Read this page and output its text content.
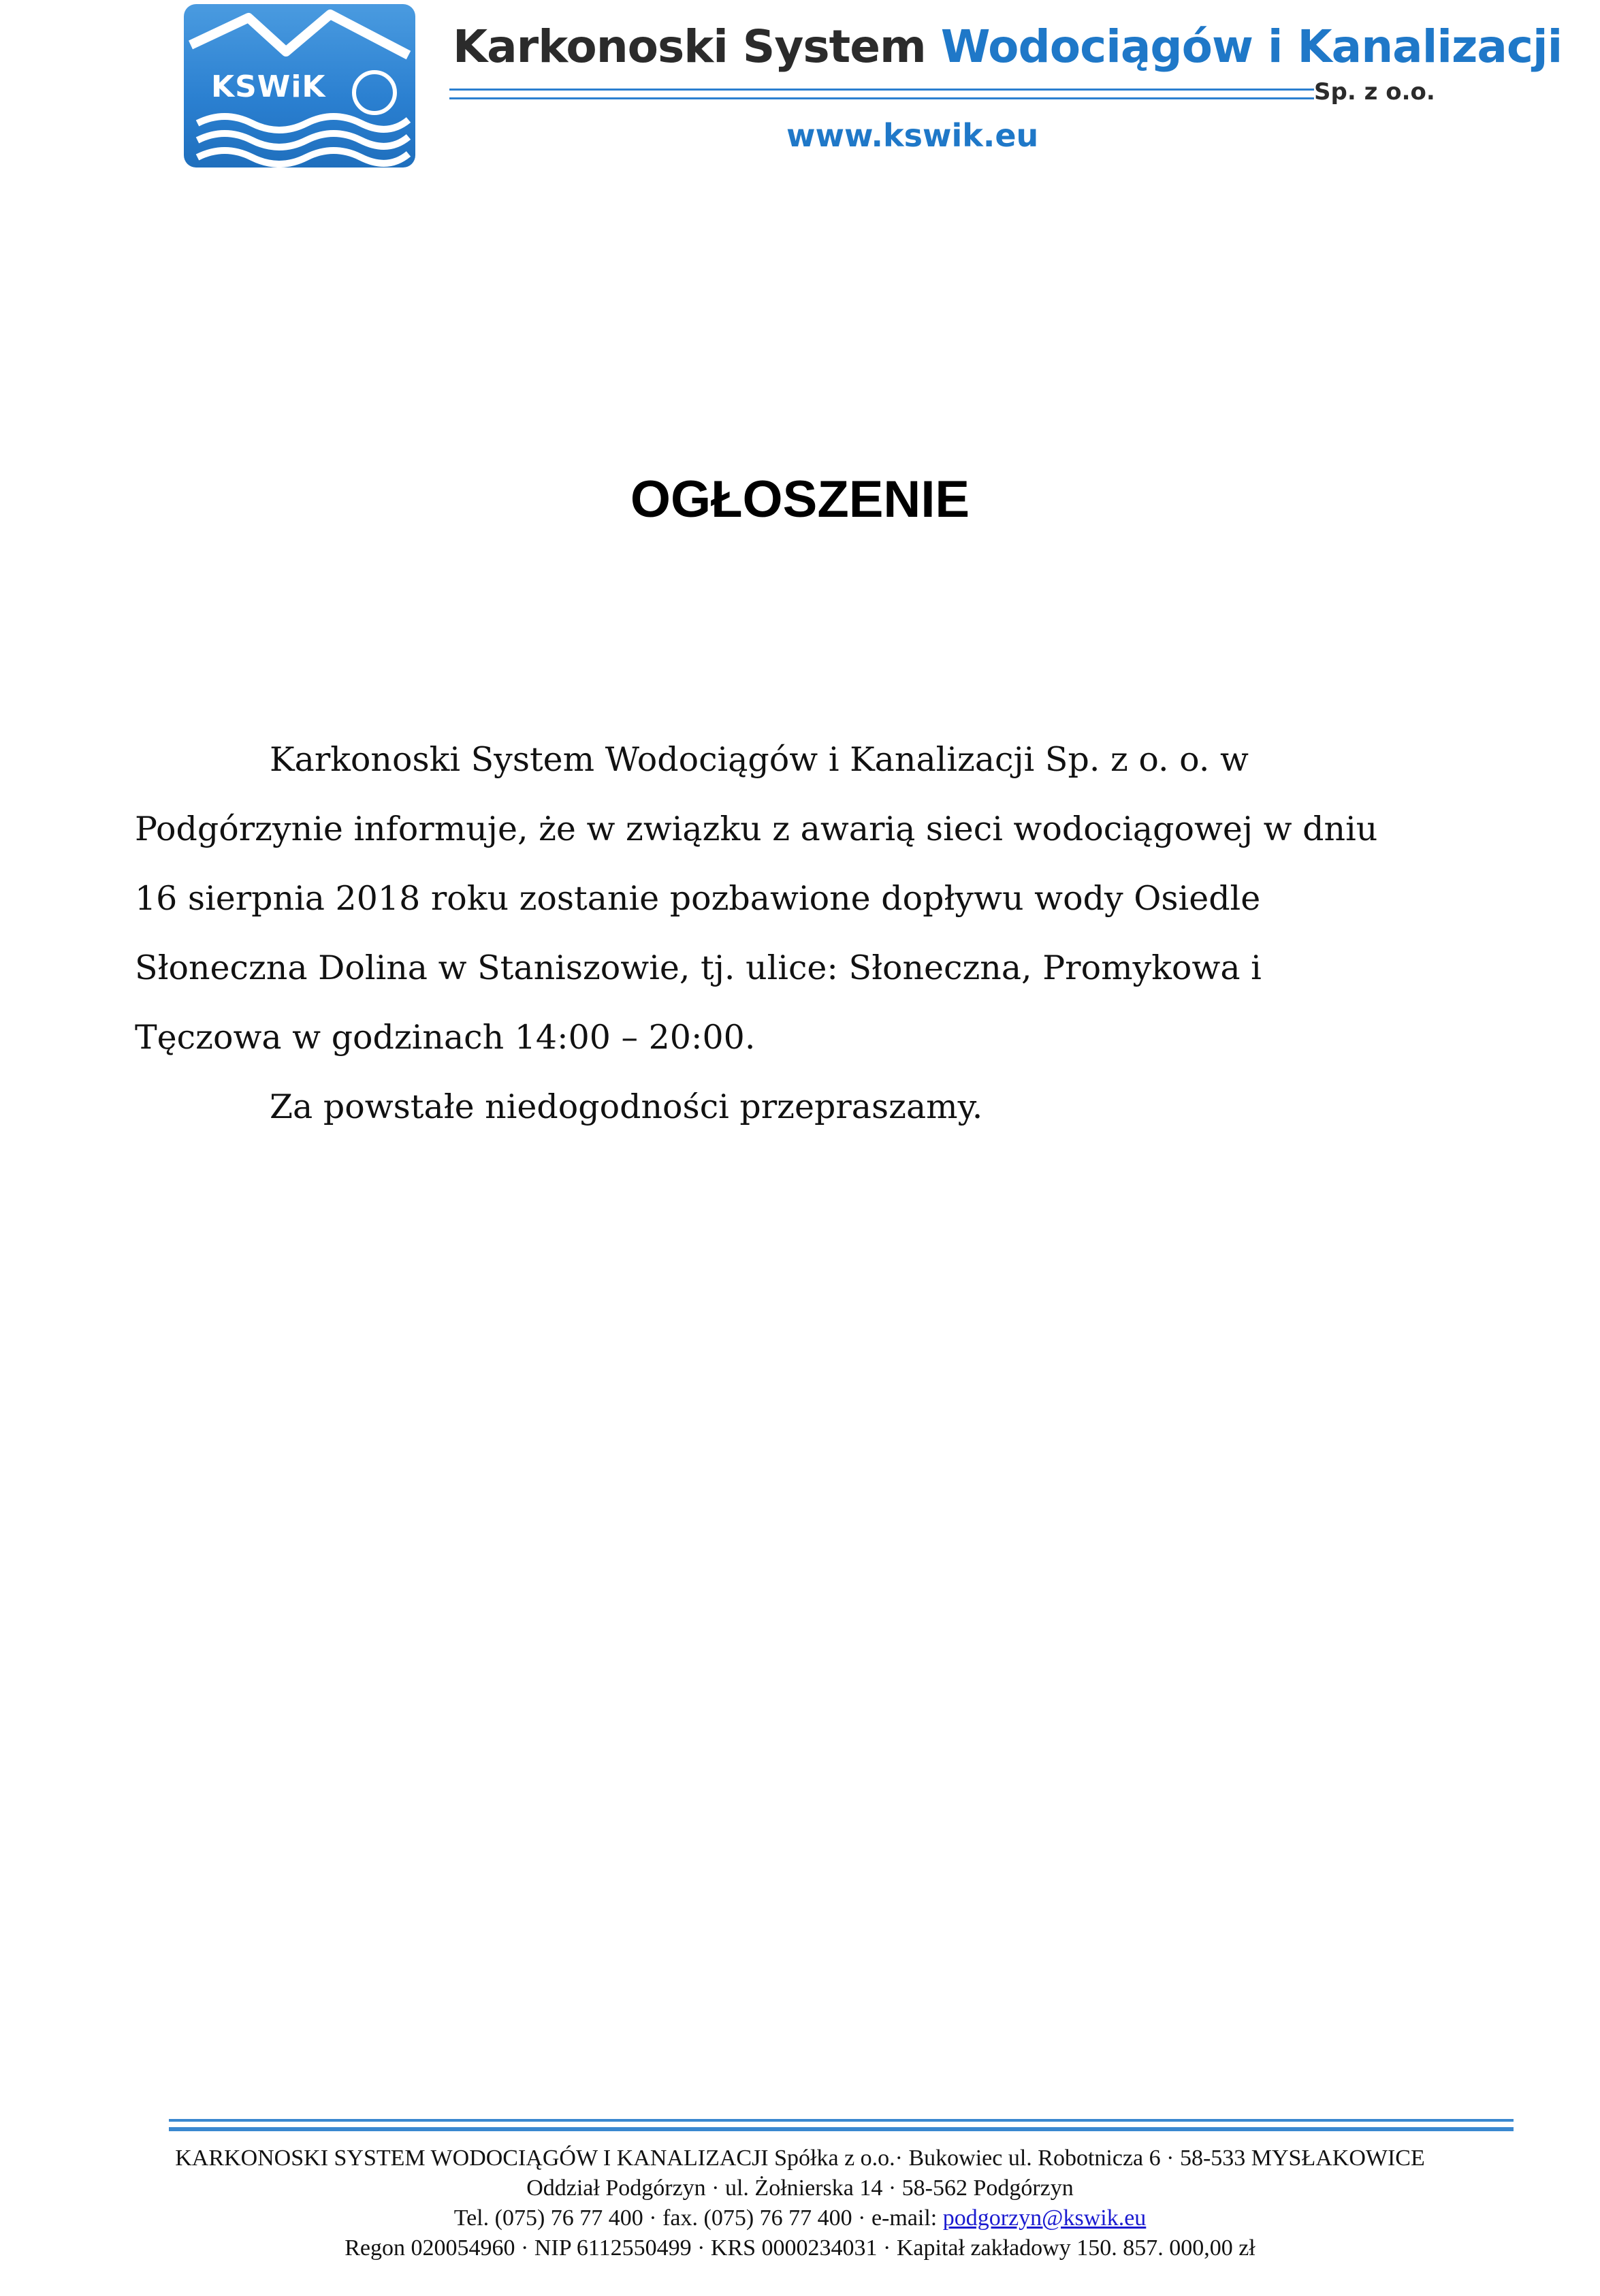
KSWiK
Karkonoski System Wodociągów i Kanalizacji
Sp. z o.o.
www.kswik.eu
OGŁOSZENIE

Karkonoski System Wodociągów i Kanalizacji Sp. z o. o. w

Podgórzynie informuje, że w związku z awarią sieci wodociągowej w dniu

16 sierpnia 2018 roku zostanie pozbawione dopływu wody Osiedle

Słoneczna Dolina w Staniszowie, tj. ulice: Słoneczna, Promykowa i

Tęczowa w godzinach 14:00 – 20:00.

Za powstałe niedogodności przepraszamy.

KARKONOSKI SYSTEM WODOCIĄGÓW I KANALIZACJI Spółka z o.o.· Bukowiec ul. Robotnicza 6 · 58-533 MYSŁAKOWICE
Oddział Podgórzyn · ul. Żołnierska 14 · 58-562 Podgórzyn
Tel. (075) 76 77 400 · fax. (075) 76 77 400 · e-mail: podgorzyn@kswik.eu
Regon 020054960 · NIP 6112550499 · KRS 0000234031 · Kapitał zakładowy 150. 857. 000,00 zł
